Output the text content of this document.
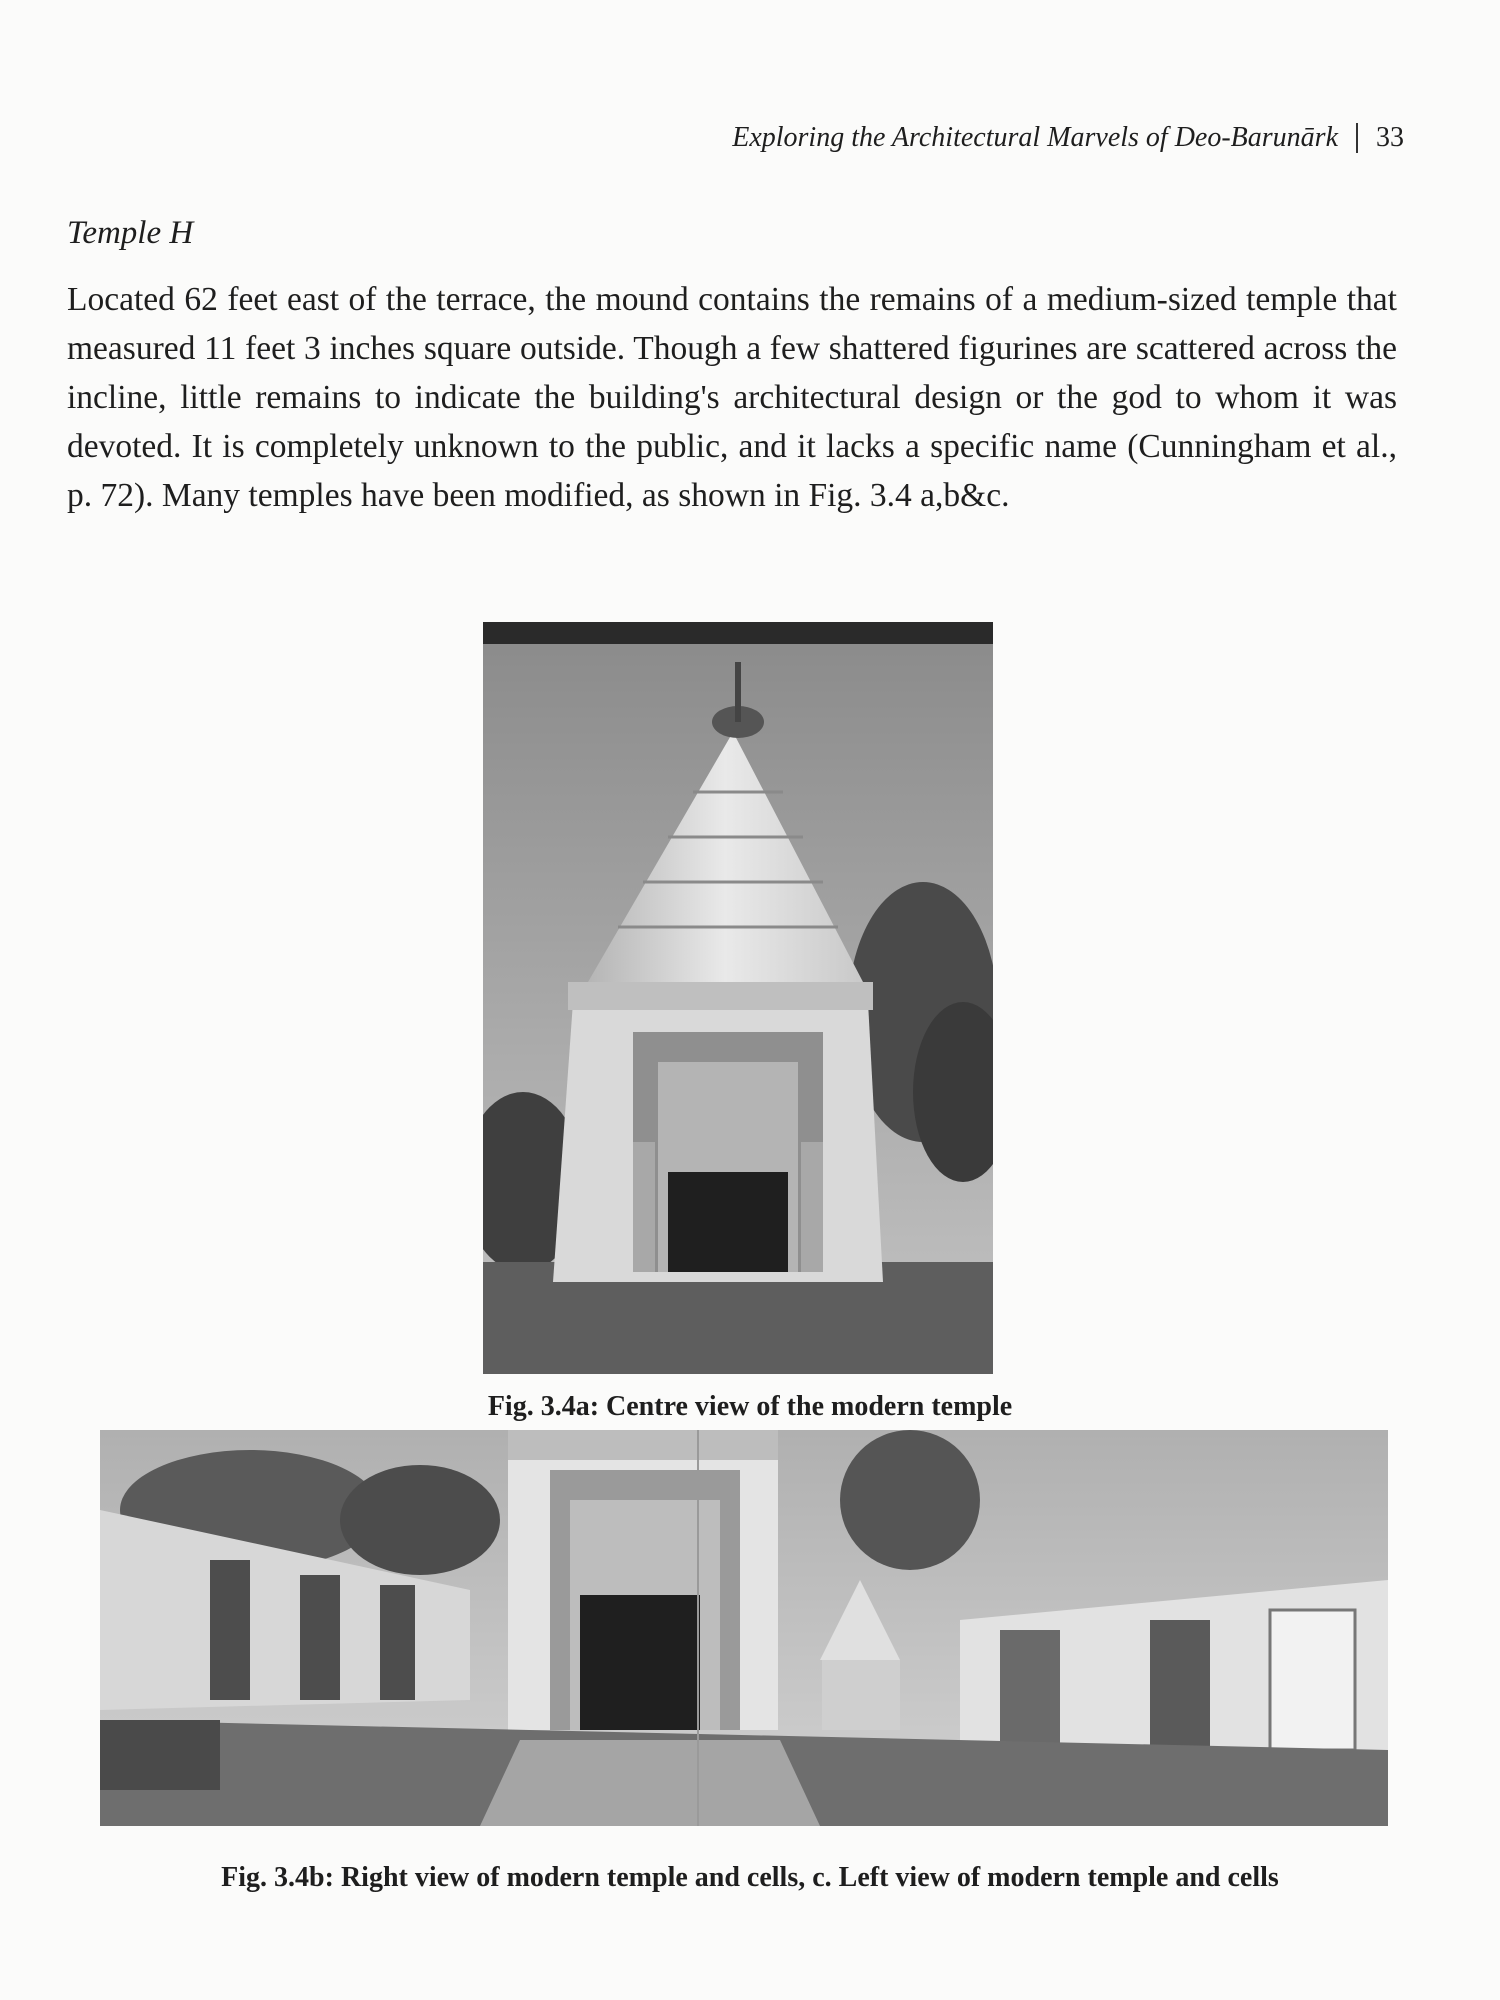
Exploring the Architectural Marvels of Deo-Barunārk 33
Temple H

Located 62 feet east of the terrace, the mound contains the remains of a medium-sized temple that measured 11 feet 3 inches square outside. Though a few shattered figurines are scattered across the incline, little remains to indicate the building's architectural design or the god to whom it was devoted. It is completely unknown to the public, and it lacks a specific name (Cunningham et al., p. 72). Many temples have been modified, as shown in Fig. 3.4 a,b&c.

Fig. 3.4a: Centre view of the modern temple

Fig. 3.4b: Right view of modern temple and cells, c. Left view of modern temple and cells
